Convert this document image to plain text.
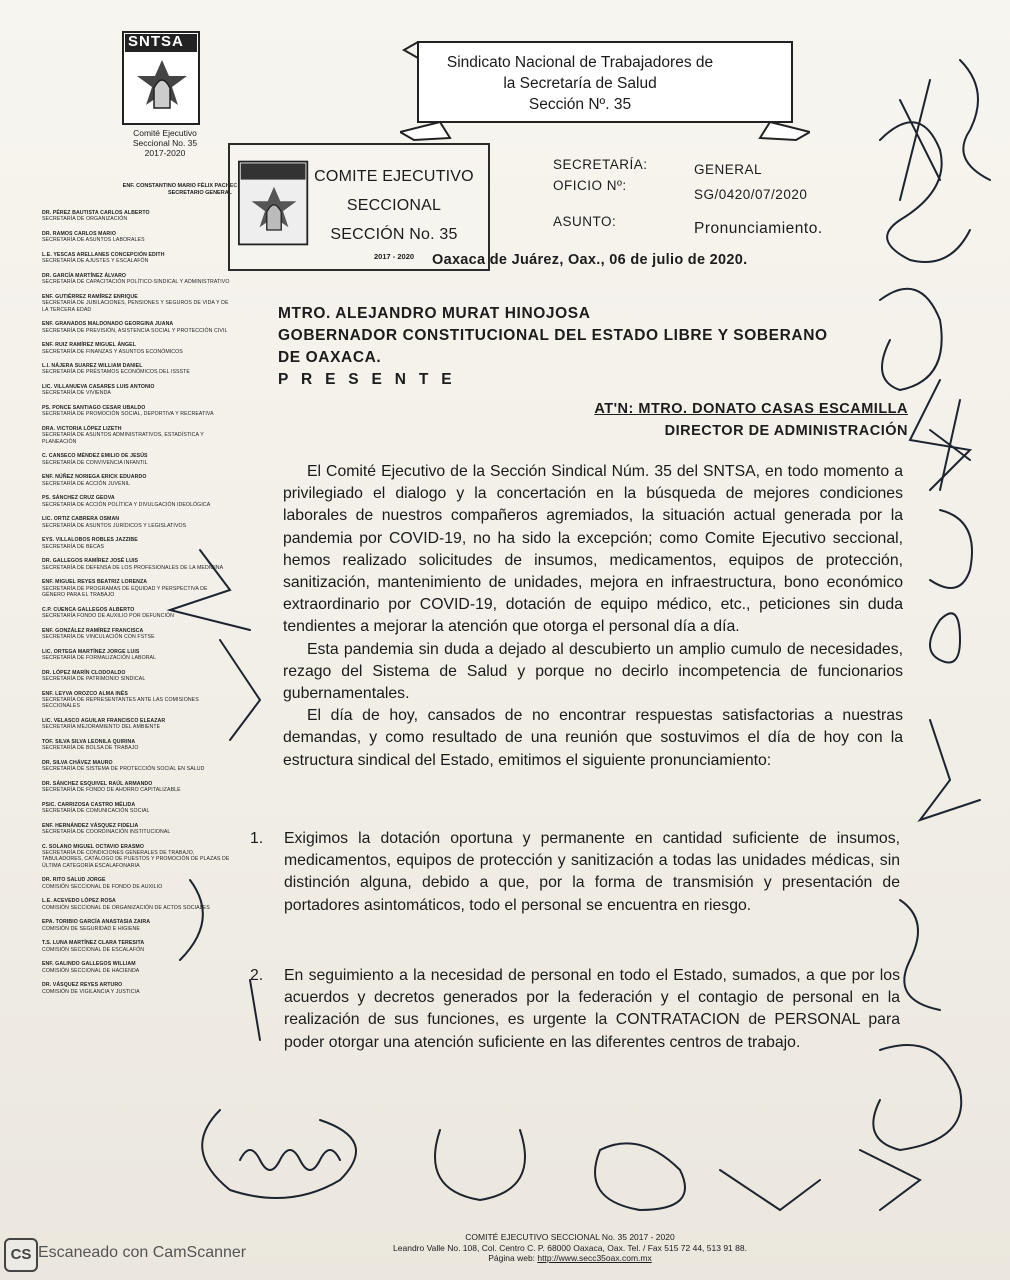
SNTSA
Comité Ejecutivo
Seccional No. 35
2017-2020
ENF. CONSTANTINO MARIO FÉLIX PACHEC
SECRETARIO GENERAL
DR. PÉREZ BAUTISTA CARLOS ALBERTO
SECRETARÍA DE ORGANIZACIÓN
DR. RAMOS CARLOS MARIO
SECRETARÍA DE ASUNTOS LABORALES
L.E. YESCAS ARELLANES CONCEPCIÓN EDITH
SECRETARÍA DE AJUSTES Y ESCALAFÓN
DR. GARCÍA MARTÍNEZ ÁLVARO
SECRETARÍA DE CAPACITACIÓN POLÍTICO-SINDICAL Y ADMINISTRATIVO
ENF. GUTIÉRREZ RAMÍREZ ENRIQUE
SECRETARÍA DE JUBILACIONES, PENSIONES Y SEGUROS DE VIDA Y DE LA TERCERA EDAD
ENF. GRANADOS MALDONADO GEORGINA JUANA
SECRETARÍA DE PREVISIÓN, ASISTENCIA SOCIAL Y PROTECCIÓN CIVIL
ENF. RUIZ RAMÍREZ MIGUEL ÁNGEL
SECRETARÍA DE FINANZAS Y ASUNTOS ECONÓMICOS
L.I. NÁJERA SUAREZ WILLIAM DANIEL
SECRETARÍA DE PRÉSTAMOS ECONÓMICOS DEL ISSSTE
LIC. VILLANUEVA CASARES LUIS ANTONIO
SECRETARÍA DE VIVIENDA
PS. PONCE SANTIAGO CESAR UBALDO
SECRETARÍA DE PROMOCIÓN SOCIAL, DEPORTIVA Y RECREATIVA
DRA. VICTORIA LÓPEZ LIZETH
SECRETARÍA DE ASUNTOS ADMINISTRATIVOS, ESTADÍSTICA Y PLANEACIÓN
C. CANSECO MÉNDEZ EMILIO DE JESÚS
SECRETARÍA DE CONVIVENCIA INFANTIL
ENF. NÚÑEZ NORIEGA ERICK EDUARDO
SECRETARÍA DE ACCIÓN JUVENIL
PS. SÁNCHEZ CRUZ GEOVA
SECRETARÍA DE ACCIÓN POLÍTICA Y DIVULGACIÓN IDEOLÓGICA
LIC. ORTIZ CABRERA OSMAN
SECRETARÍA DE ASUNTOS JURÍDICOS Y LEGISLATIVOS
EYS. VILLALOBOS ROBLES JAZZIBE
SECRETARÍA DE BECAS
DR. GALLEGOS RAMÍREZ JOSÉ LUIS
SECRETARÍA DE DEFENSA DE LOS PROFESIONALES DE LA MEDICINA
ENF. MIGUEL REYES BEATRIZ LORENZA
SECRETARÍA DE PROGRAMAS DE EQUIDAD Y PERSPECTIVA DE GÉNERO PARA EL TRABAJO
C.P. CUENCA GALLEGOS ALBERTO
SECRETARÍA FONDO DE AUXILIO POR DEFUNCIÓN
ENF. GONZÁLEZ RAMÍREZ FRANCISCA
SECRETARÍA DE VINCULACIÓN CON FSTSE
LIC. ORTEGA MARTÍNEZ JORGE LUIS
SECRETARÍA DE FORMALIZACIÓN LABORAL
DR. LÓPEZ MARÍN CLODOALDO
SECRETARÍA DE PATRIMONIO SINDICAL
ENF. LEYVA OROZCO ALMA INÉS
SECRETARÍA DE REPRESENTANTES ANTE LAS COMISIONES SECCIONALES
LIC. VELASCO AGUILAR FRANCISCO ELEAZAR
SECRETARÍA MEJORAMIENTO DEL AMBIENTE
TOF. SILVA SILVA LEONILA QUIRINA
SECRETARÍA DE BOLSA DE TRABAJO
DR. SILVA CHÁVEZ MAURO
SECRETARÍA DE SISTEMA DE PROTECCIÓN SOCIAL EN SALUD
DR. SÁNCHEZ ESQUIVEL RAÚL ARMANDO
SECRETARÍA DE FONDO DE AHORRO CAPITALIZABLE
PSIC. CARRIZOSA CASTRO MÉLIDA
SECRETARÍA DE COMUNICACIÓN SOCIAL
ENF. HERNÁNDEZ VÁSQUEZ FIDELIA
SECRETARÍA DE COORDINACIÓN INSTITUCIONAL
C. SOLANO MIGUEL OCTAVIO ERASMO
SECRETARÍA DE CONDICIONES GENERALES DE TRABAJO, TABULADORES, CATÁLOGO DE PUESTOS Y PROMOCIÓN DE PLAZAS DE ÚLTIMA CATEGORÍA ESCALAFONARIA
DR. RITO SALUD JORGE
COMISIÓN SECCIONAL DE FONDO DE AUXILIO
L.E. ACEVEDO LÓPEZ ROSA
COMISIÓN SECCIONAL DE ORGANIZACIÓN DE ACTOS SOCIALES
EPA. TORIBIO GARCÍA ANASTASIA ZAIRA
COMISIÓN DE SEGURIDAD E HIGIENE
T.S. LUNA MARTÍNEZ CLARA TERESITA
COMISIÓN SECCIONAL DE ESCALAFÓN
ENF. GALINDO GALLEGOS WILLIAM
COMISIÓN SECCIONAL DE HACIENDA
DR. VÁSQUEZ REYES ARTURO
COMISIÓN DE VIGILANCIA Y JUSTICIA
Sindicato Nacional de Trabajadores de
la Secretaría de Salud
Sección Nº. 35
COMITE EJECUTIVO
SECCIONAL
SECCIÓN No. 35
2017 - 2020
SECRETARÍA:	GENERAL
OFICIO Nº:
SG/0420/07/2020
ASUNTO:	Pronunciamiento.
Oaxaca de Juárez, Oax., 06 de julio de 2020.
MTRO. ALEJANDRO MURAT HINOJOSA
GOBERNADOR CONSTITUCIONAL DEL ESTADO LIBRE Y SOBERANO
DE OAXACA.
P R E S E N T E
AT'N: MTRO. DONATO CASAS ESCAMILLA
DIRECTOR DE ADMINISTRACIÓN

El Comité Ejecutivo de la Sección Sindical Núm. 35 del SNTSA, en todo momento a privilegiado el dialogo y la concertación en la búsqueda de mejores condiciones laborales de nuestros compañeros agremiados, la situación actual generada por la pandemia por COVID-19, no ha sido la excepción; como Comite Ejecutivo seccional, hemos realizado solicitudes de insumos, medicamentos, equipos de protección, sanitización, mantenimiento de unidades, mejora en infraestructura, bono económico extraordinario por COVID-19, dotación de equipo médico, etc., peticiones sin duda tendientes a mejorar la atención que otorga el personal día a día.

Esta pandemia sin duda a dejado al descubierto un amplio cumulo de necesidades, rezago del Sistema de Salud y porque no decirlo incompetencia de funcionarios gubernamentales.

El día de hoy, cansados de no encontrar respuestas satisfactorias a nuestras demandas, y como resultado de una reunión que sostuvimos el día de hoy con la estructura sindical del Estado, emitimos el siguiente pronunciamiento:

1.	Exigimos la dotación oportuna y permanente en cantidad suficiente de insumos, medicamentos, equipos de protección y sanitización a todas las unidades médicas, sin distinción alguna, debido a que, por la forma de transmisión y presentación de portadores asintomáticos, todo el personal se encuentra en riesgo.
2.	En seguimiento a la necesidad de personal en todo el Estado, sumados, a que por los acuerdos y decretos generados por la federación y el contagio de personal en la realización de sus funciones, es urgente la CONTRATACION de PERSONAL para poder otorgar una atención suficiente en las diferentes centros de trabajo.
COMITÉ EJECUTIVO SECCIONAL No. 35 2017 - 2020
Leandro Valle No. 108, Col. Centro C. P. 68000 Oaxaca, Oax. Tel. / Fax 515 72 44, 513 91 88.
Página web: http://www.secc35oax.com.mx
CS Escaneado con CamScanner
